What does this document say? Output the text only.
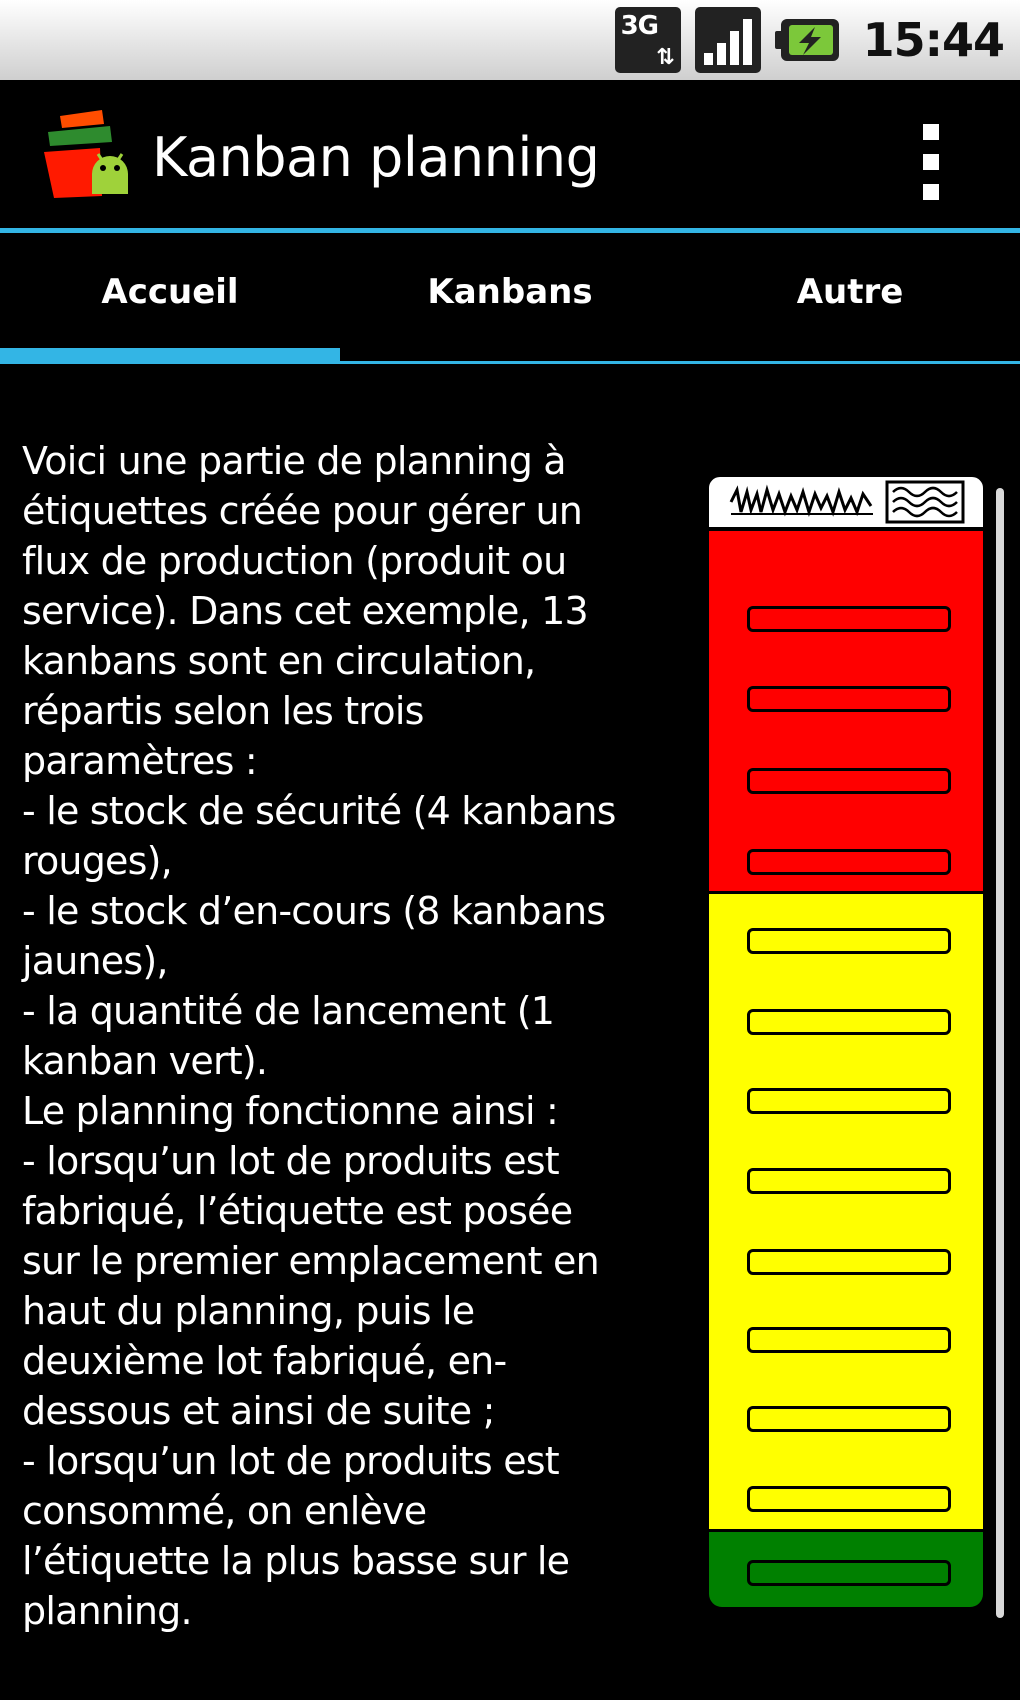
3G
⇅	15:44
Kanban planning
Accueil	Kanbans	Autre
Voici une partie de planning à
étiquettes créée pour gérer un
flux de production (produit ou
service). Dans cet exemple, 13
kanbans sont en circulation,
répartis selon les trois
paramètres :
- le stock de sécurité (4 kanbans
rouges),
- le stock d’en-cours (8 kanbans
jaunes),
- la quantité de lancement (1
kanban vert).
Le planning fonctionne ainsi :
- lorsqu’un lot de produits est
fabriqué, l’étiquette est posée
sur le premier emplacement en
haut du planning, puis le
deuxième lot fabriqué, en-
dessous et ainsi de suite ;
- lorsqu’un lot de produits est
consommé, on enlève
l’étiquette la plus basse sur le
planning.
